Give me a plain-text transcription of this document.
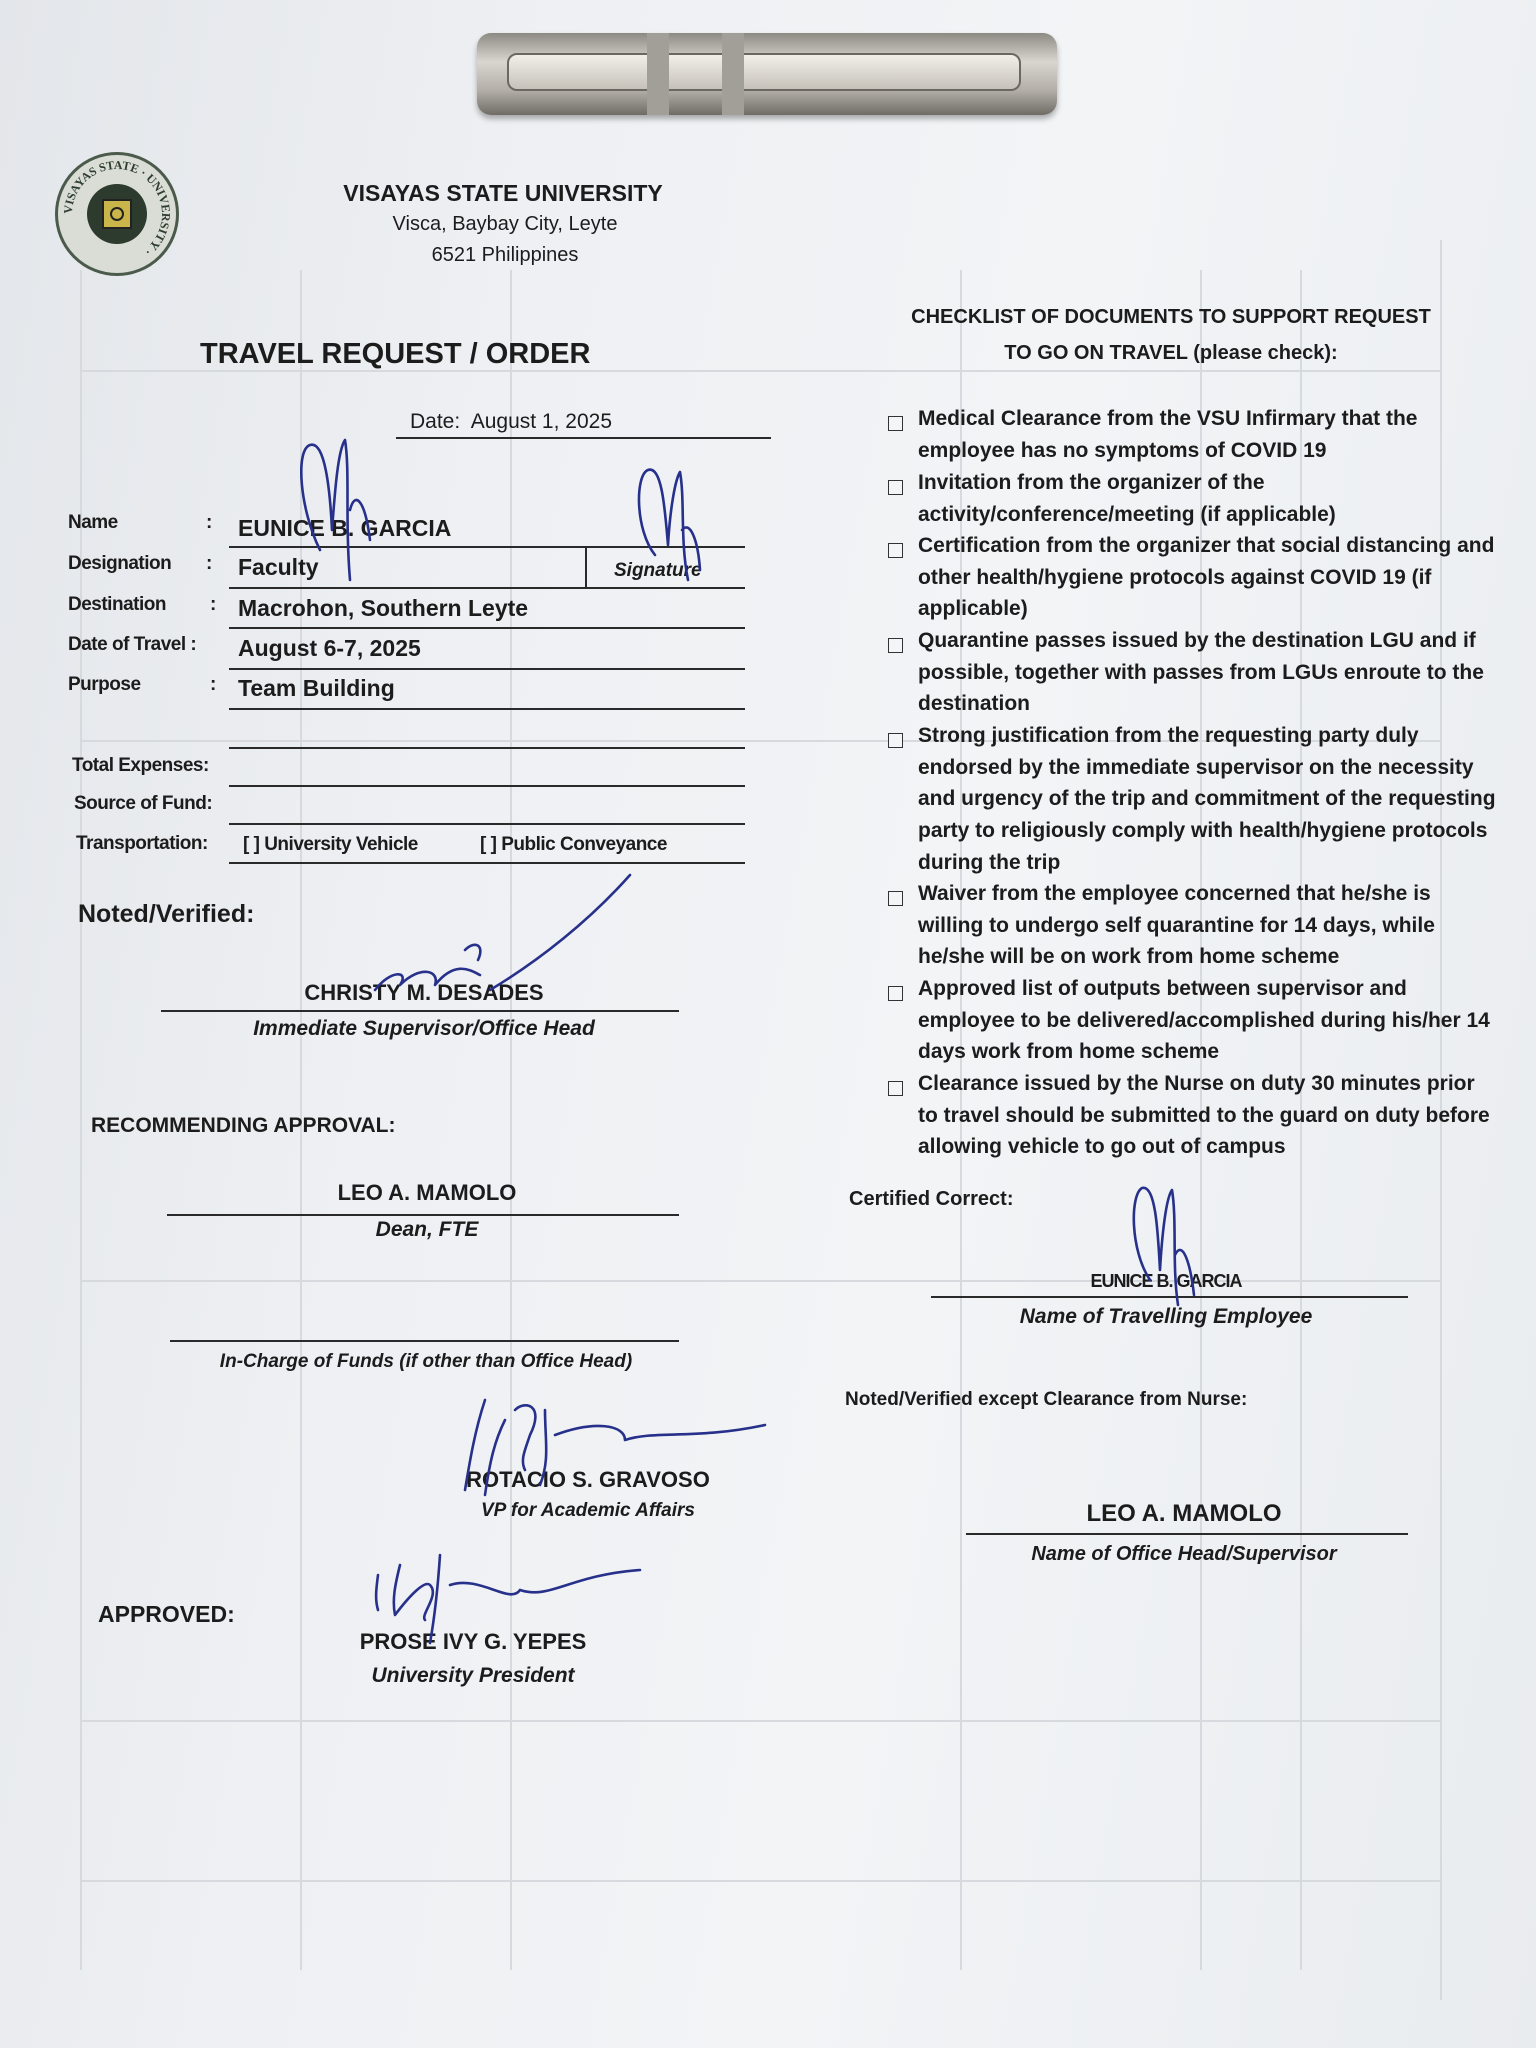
VISAYAS STATE · UNIVERSITY ·
VISAYAS STATE UNIVERSITY
Visca, Baybay City, Leyte
6521 Philippines
TRAVEL REQUEST / ORDER
Date: August 1, 2025
Name	: EUNICE B. GARCIA
Designation : Faculty	Signature
Destination : Macrohon, Southern Leyte
Date of Travel : August 6-7, 2025
Purpose	: Team Building
Total Expenses:
Source of Fund:
Transportation: [ ] University Vehicle	[ ] Public Conveyance
Noted/Verified:
CHRISTY M. DESADES
Immediate Supervisor/Office Head
RECOMMENDING APPROVAL:
LEO A. MAMOLO
Dean, FTE
In-Charge of Funds (if other than Office Head)
ROTACIO S. GRAVOSO
VP for Academic Affairs
APPROVED:
PROSE IVY G. YEPES
University President
CHECKLIST OF DOCUMENTS TO SUPPORT REQUEST
TO GO ON TRAVEL (please check):
Medical Clearance from the VSU Infirmary that the employee has no symptoms of COVID 19
Invitation from the organizer of the activity/conference/meeting (if applicable)
Certification from the organizer that social distancing and other health/hygiene protocols against COVID 19 (if applicable)
Quarantine passes issued by the destination LGU and if possible, together with passes from LGUs enroute to the destination
Strong justification from the requesting party duly endorsed by the immediate supervisor on the necessity and urgency of the trip and commitment of the requesting party to religiously comply with health/hygiene protocols during the trip
Waiver from the employee concerned that he/she is willing to undergo self quarantine for 14 days, while he/she will be on work from home scheme
Approved list of outputs between supervisor and employee to be delivered/accomplished during his/her 14 days work from home scheme
Clearance issued by the Nurse on duty 30 minutes prior to travel should be submitted to the guard on duty before allowing vehicle to go out of campus
Certified Correct:
EUNICE B. GARCIA
Name of Travelling Employee
Noted/Verified except Clearance from Nurse:
LEO A. MAMOLO
Name of Office Head/Supervisor
